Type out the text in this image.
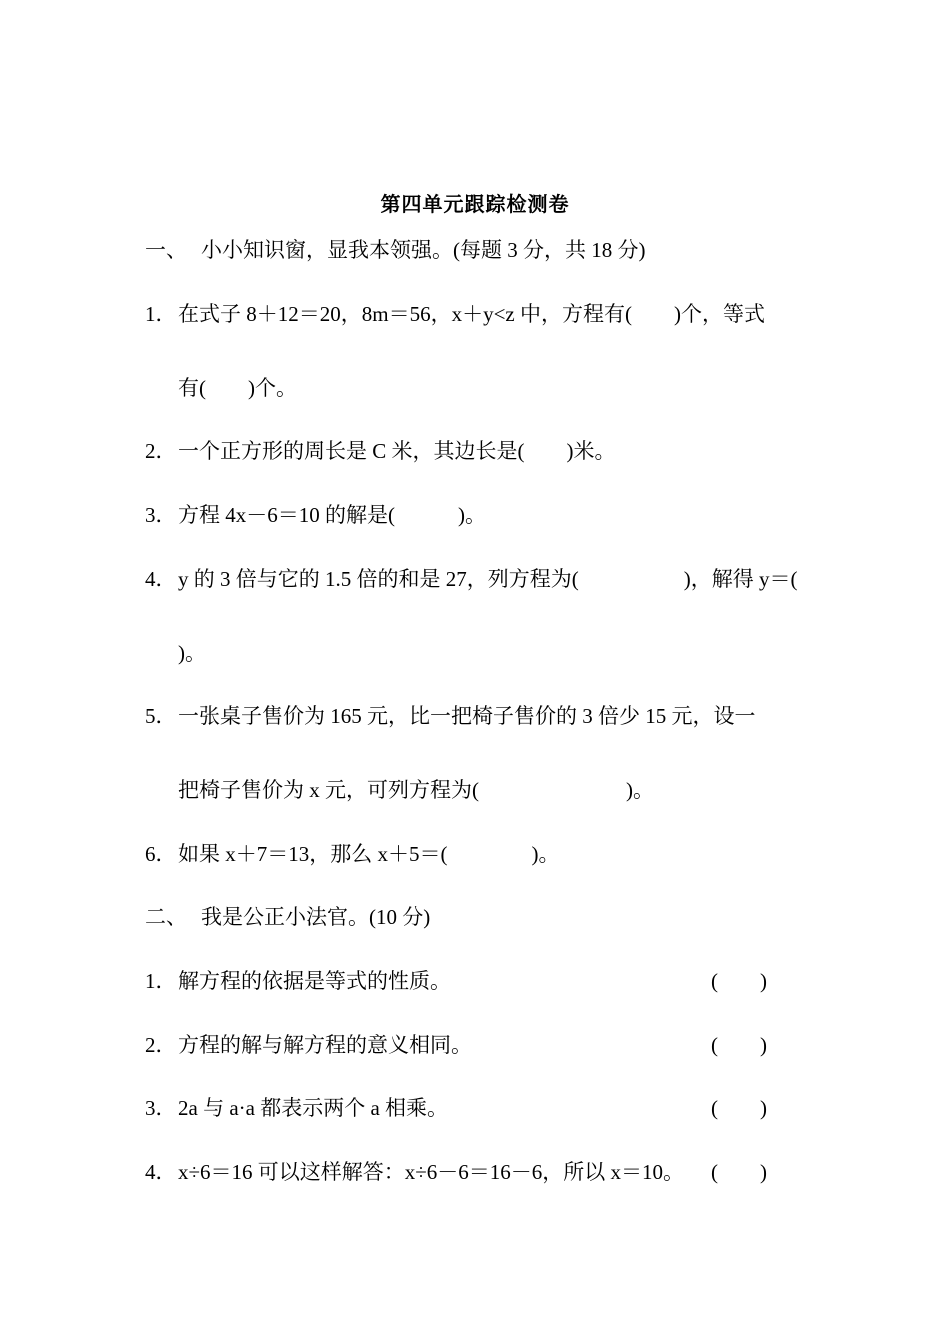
第四单元跟踪检测卷
一、 小小知识窗，显我本领强。(每题 3 分，共 18 分)
1．在式子 8＋12＝20，8m＝56，x＋y<z 中，方程有(　　)个，等式
有(　　)个。
2．一个正方形的周长是 C 米，其边长是(　　)米。
3．方程 4x－6＝10 的解是(　　　)。
4．y 的 3 倍与它的 1.5 倍的和是 27，列方程为(　　　　　)，解得 y＝(
)。
5．一张桌子售价为 165 元，比一把椅子售价的 3 倍少 15 元，设一
把椅子售价为 x 元，可列方程为(　　　　　　　)。
6．如果 x＋7＝13，那么 x＋5＝(　　　　)。
二、 我是公正小法官。(10 分)
1．解方程的依据是等式的性质。	(　　)
2．方程的解与解方程的意义相同。	(　　)
3．2a 与 a·a 都表示两个 a 相乘。	(　　)
4．x÷6＝16 可以这样解答：x÷6－6＝16－6，所以 x＝10。 (　　)
